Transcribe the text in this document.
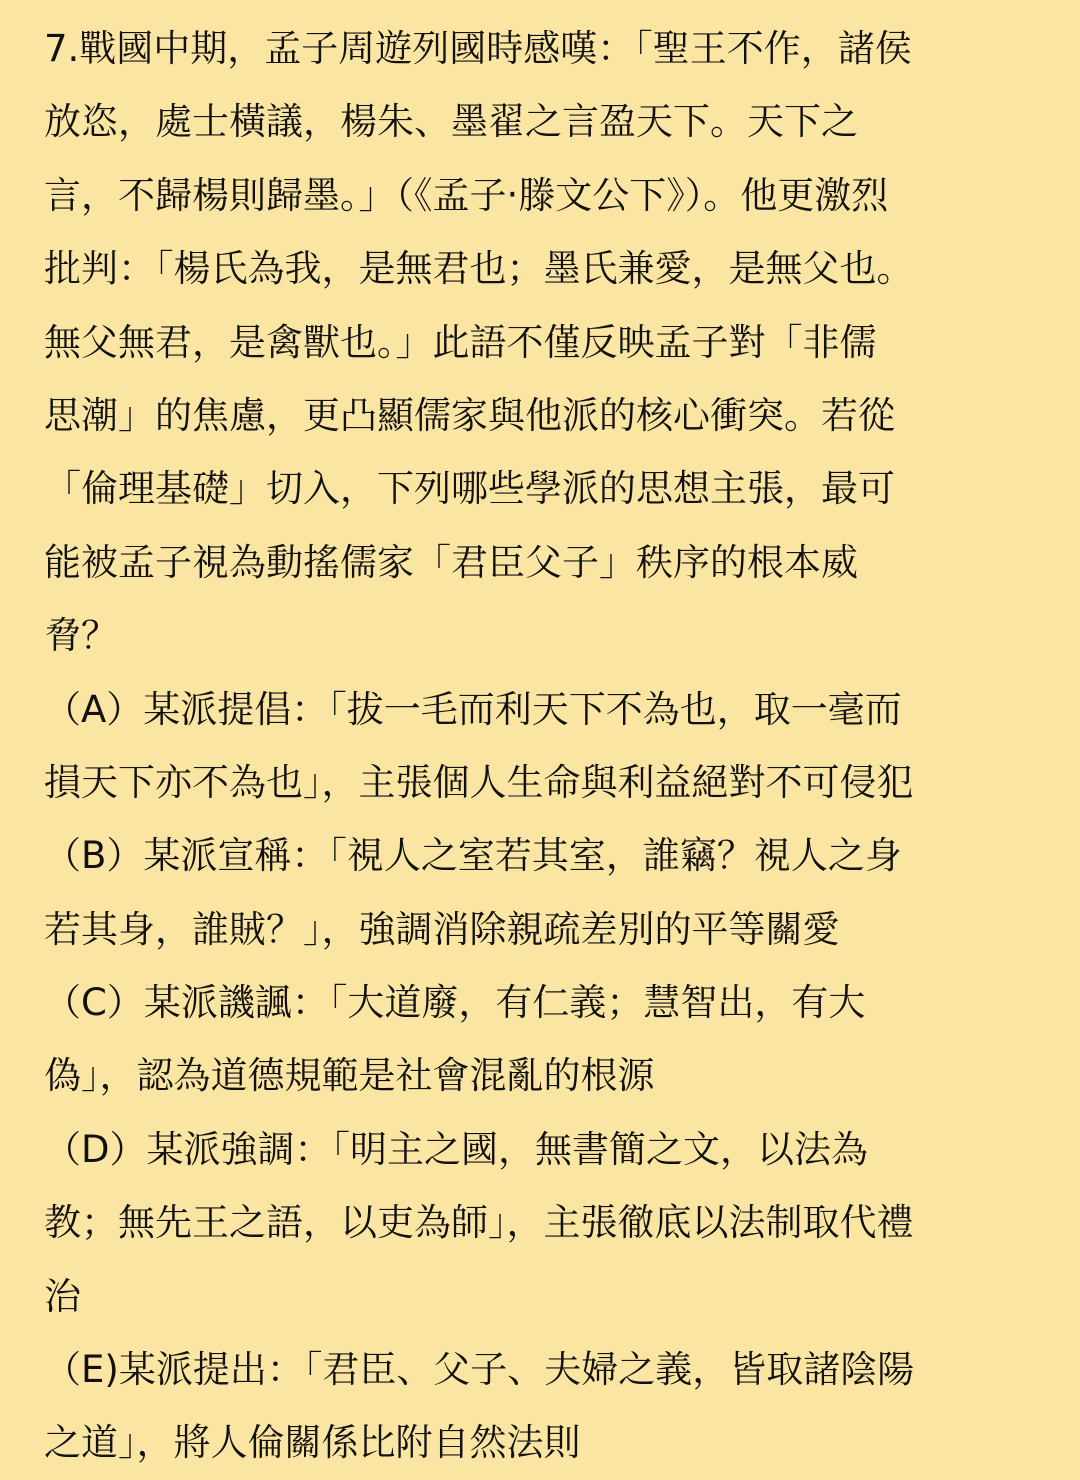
7.戰國中期，孟子周遊列國時感嘆：「聖王不作，諸侯
放恣，處士橫議，楊朱、墨翟之言盈天下。天下之
言，不歸楊則歸墨。」（《孟子‧滕文公下》）。他更激烈
批判：「楊氏為我，是無君也；墨氏兼愛，是無父也。
無父無君，是禽獸也。」此語不僅反映孟子對「非儒
思潮」的焦慮，更凸顯儒家與他派的核心衝突。若從
「倫理基礎」切入，下列哪些學派的思想主張，最可
能被孟子視為動搖儒家「君臣父子」秩序的根本威
脅？
（A）某派提倡：「拔一毛而利天下不為也，取一毫而
損天下亦不為也」，主張個人生命與利益絕對不可侵犯
（B）某派宣稱：「視人之室若其室，誰竊？視人之身
若其身，誰賊？」，強調消除親疏差別的平等關愛
（C）某派譏諷：「大道廢，有仁義；慧智出，有大
偽」，認為道德規範是社會混亂的根源
（D）某派強調：「明主之國，無書簡之文，以法為
教；無先王之語，以吏為師」，主張徹底以法制取代禮
治
（E)某派提出：「君臣、父子、夫婦之義，皆取諸陰陽
之道」，將人倫關係比附自然法則
